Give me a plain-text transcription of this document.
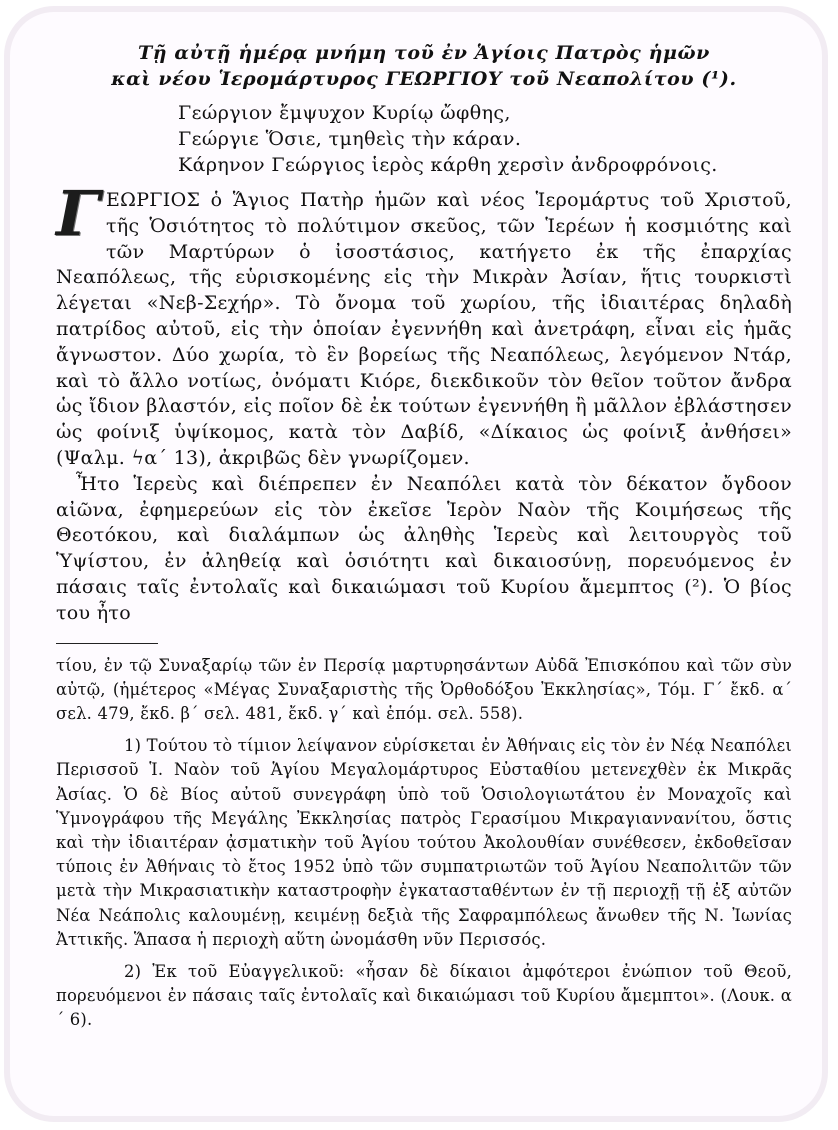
Τῇ αὐτῇ ἡμέρᾳ μνήμη τοῦ ἐν Ἁγίοις Πατρὸς ἡμῶν
καὶ νέου Ἱερομάρτυρος ΓΕΩΡΓΙΟΥ τοῦ Νεαπολίτου (¹).
Γεώργιον ἔμψυχον Κυρίῳ ὤφθης,
Γεώργιε Ὅσιε, τμηθεὶς τὴν κάραν.
Κάρηνον Γεώργιος ἱερὸς κάρθη χερσὶν ἀνδροφρόνοις.

ΓΕΩΡΓΙΟΣ ὁ Ἅγιος Πατὴρ ἡμῶν καὶ νέος Ἱερομάρτυς τοῦ Χριστοῦ, τῆς Ὁσιότητος τὸ πολύτιμον σκεῦος, τῶν Ἱερέων ἡ κοσμιότης καὶ τῶν Μαρτύρων ὁ ἰσοστάσιος, κατήγετο ἐκ τῆς ἐπαρχίας Νεαπόλεως, τῆς εὑρισκομένης εἰς τὴν Μικρὰν Ἀσίαν, ἥτις τουρκιστὶ λέγεται «Νεβ-Σεχήρ». Τὸ ὄνομα τοῦ χωρίου, τῆς ἰδιαιτέρας δηλαδὴ πατρίδος αὐτοῦ, εἰς τὴν ὁποίαν ἐγεννήθη καὶ ἀνετράφη, εἶναι εἰς ἡμᾶς ἄγνωστον. Δύο χωρία, τὸ ἓν βορείως τῆς Νεαπόλεως, λεγόμενον Ντάρ, καὶ τὸ ἄλλο νοτίως, ὀνόματι Κιόρε, διεκδικοῦν τὸν θεῖον τοῦτον ἄνδρα ὡς ἴδιον βλαστόν, εἰς ποῖον δὲ ἐκ τούτων ἐγεννήθη ἢ μᾶλλον ἐβλάστησεν ὡς φοίνιξ ὑψίκομος, κατὰ τὸν Δαβίδ, «Δίκαιος ὡς φοίνιξ ἀνθήσει» (Ψαλμ. ϟα´ 13), ἀκριβῶς δὲν γνωρίζομεν.

Ἦτο Ἱερεὺς καὶ διέπρεπεν ἐν Νεαπόλει κατὰ τὸν δέκατον ὄγδοον αἰῶνα, ἐφημερεύων εἰς τὸν ἐκεῖσε Ἱερὸν Ναὸν τῆς Κοιμήσεως τῆς Θεοτόκου, καὶ διαλάμπων ὡς ἀληθὴς Ἱερεὺς καὶ λειτουργὸς τοῦ Ὑψίστου, ἐν ἀληθείᾳ καὶ ὁσιότητι καὶ δικαιοσύνῃ, πορευόμενος ἐν πάσαις ταῖς ἐντολαῖς καὶ δικαιώμασι τοῦ Κυρίου ἄμεμπτος (²). Ὁ βίος του ἦτο

τίου, ἐν τῷ Συναξαρίῳ τῶν ἐν Περσίᾳ μαρτυρησάντων Αὐδᾶ Ἐπισκόπου καὶ τῶν σὺν αὐτῷ, (ἡμέτερος «Μέγας Συναξαριστὴς τῆς Ὀρθοδόξου Ἐκκλησίας», Τόμ. Γ´ ἔκδ. α´ σελ. 479, ἔκδ. β´ σελ. 481, ἔκδ. γ´ καὶ ἑπόμ. σελ. 558).

1) Τούτου τὸ τίμιον λείψανον εὑρίσκεται ἐν Ἀθήναις εἰς τὸν ἐν Νέᾳ Νεαπόλει Περισσοῦ Ἱ. Ναὸν τοῦ Ἁγίου Μεγαλομάρτυρος Εὐσταθίου μετενεχθὲν ἐκ Μικρᾶς Ἀσίας. Ὁ δὲ Βίος αὐτοῦ συνεγράφη ὑπὸ τοῦ Ὁσιολογιωτάτου ἐν Μοναχοῖς καὶ Ὑμνογράφου τῆς Μεγάλης Ἐκκλησίας πατρὸς Γερασίμου Μικραγιαννανίτου, ὅστις καὶ τὴν ἰδιαιτέραν ᾀσματικὴν τοῦ Ἁγίου τούτου Ἀκολουθίαν συνέθεσεν, ἐκδοθεῖσαν τύποις ἐν Ἀθήναις τὸ ἔτος 1952 ὑπὸ τῶν συμπατριωτῶν τοῦ Ἁγίου Νεαπολιτῶν τῶν μετὰ τὴν Μικρασιατικὴν καταστροφὴν ἐγκατασταθέντων ἐν τῇ περιοχῇ τῇ ἐξ αὐτῶν Νέα Νεάπολις καλουμένῃ, κειμένῃ δεξιὰ τῆς Σαφραμπόλεως ἄνωθεν τῆς Ν. Ἰωνίας Ἀττικῆς. Ἅπασα ἡ περιοχὴ αὕτη ὠνομάσθη νῦν Περισσός.

2) Ἐκ τοῦ Εὐαγγελικοῦ: «ἦσαν δὲ δίκαιοι ἀμφότεροι ἐνώπιον τοῦ Θεοῦ, πορευόμενοι ἐν πάσαις ταῖς ἐντολαῖς καὶ δικαιώμασι τοῦ Κυρίου ἄμεμπτοι». (Λουκ. α´ 6).
